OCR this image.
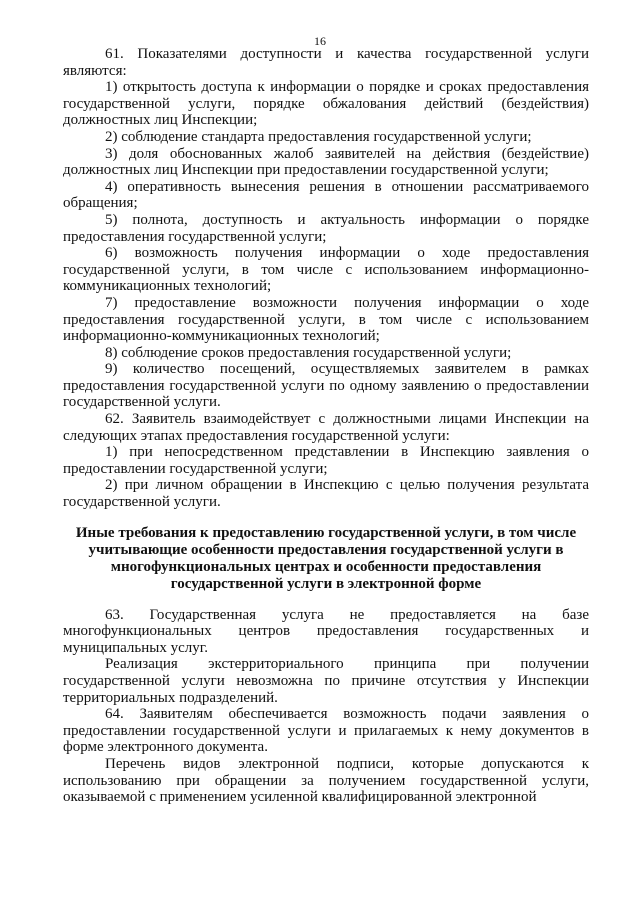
16

61. Показателями доступности и качества государственной услуги являются:

1) открытость доступа к информации о порядке и сроках предоставления государственной услуги, порядке обжалования действий (бездействия) должностных лиц Инспекции;

2) соблюдение стандарта предоставления государственной услуги;

3) доля обоснованных жалоб заявителей на действия (бездействие) должностных лиц Инспекции при предоставлении государственной услуги;

4) оперативность вынесения решения в отношении рассматриваемого обращения;

5) полнота, доступность и актуальность информации о порядке предоставления государственной услуги;

6) возможность получения информации о ходе предоставления государственной услуги, в том числе с использованием информационно-коммуникационных технологий;

7) предоставление возможности получения информации о ходе предоставления государственной услуги, в том числе с использованием информационно-коммуникационных технологий;

8) соблюдение сроков предоставления государственной услуги;

9) количество посещений, осуществляемых заявителем в рамках предоставления государственной услуги по одному заявлению о предоставлении государственной услуги.

62. Заявитель взаимодействует с должностными лицами Инспекции на следующих этапах предоставления государственной услуги:

1) при непосредственном представлении в Инспекцию заявления о предоставлении государственной услуги;

2) при личном обращении в Инспекцию с целью получения результата государственной услуги.

Иные требования к предоставлению государственной услуги, в том числе учитывающие особенности предоставления государственной услуги в многофункциональных центрах и особенности предоставления государственной услуги в электронной форме

63. Государственная услуга не предоставляется на базе многофункциональных центров предоставления государственных и муниципальных услуг.

Реализация экстерриториального принципа при получении государственной услуги невозможна по причине отсутствия у Инспекции территориальных подразделений.

64. Заявителям обеспечивается возможность подачи заявления о предоставлении государственной услуги и прилагаемых к нему документов в форме электронного документа.

Перечень видов электронной подписи, которые допускаются к использованию при обращении за получением государственной услуги, оказываемой с применением усиленной квалифицированной электронной
